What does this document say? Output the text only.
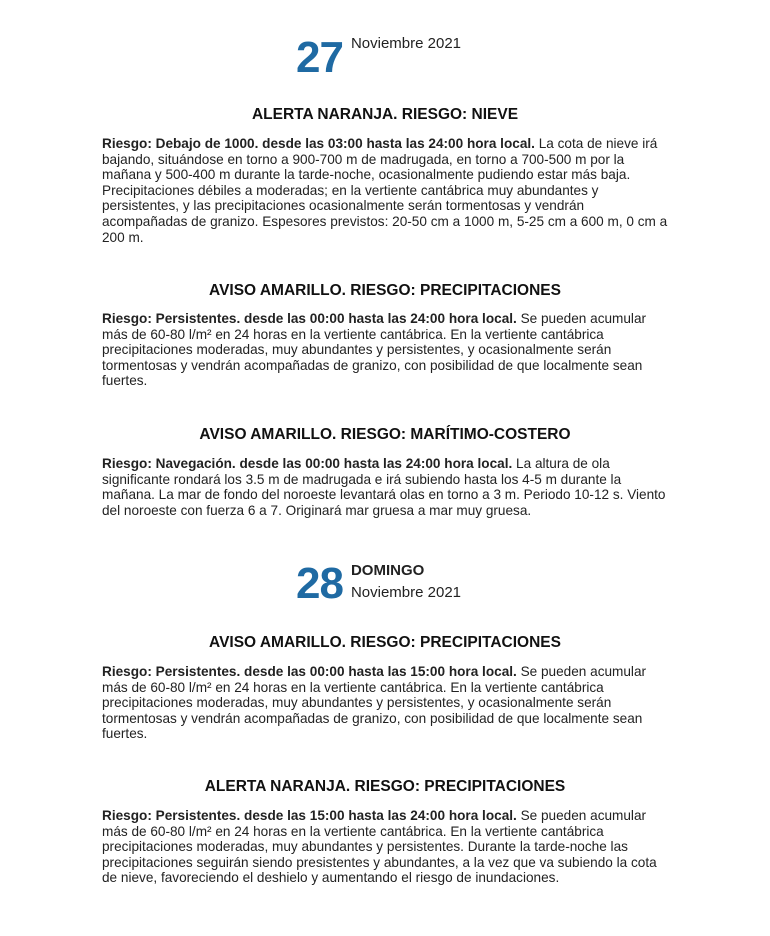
27 Noviembre 2021
ALERTA NARANJA. RIESGO: NIEVE

Riesgo: Debajo de 1000. desde las 03:00 hasta las 24:00 hora local. La cota de nieve irá bajando, situándose en torno a 900-700 m de madrugada, en torno a 700-500 m por la mañana y 500-400 m durante la tarde-noche, ocasionalmente pudiendo estar más baja. Precipitaciones débiles a moderadas; en la vertiente cantábrica muy abundantes y persistentes, y las precipitaciones ocasionalmente serán tormentosas y vendrán acompañadas de granizo. Espesores previstos: 20-50 cm a 1000 m, 5-25 cm a 600 m, 0 cm a 200 m.

AVISO AMARILLO. RIESGO: PRECIPITACIONES

Riesgo: Persistentes. desde las 00:00 hasta las 24:00 hora local. Se pueden acumular más de 60-80 l/m² en 24 horas en la vertiente cantábrica. En la vertiente cantábrica precipitaciones moderadas, muy abundantes y persistentes, y ocasionalmente serán tormentosas y vendrán acompañadas de granizo, con posibilidad de que localmente sean fuertes.

AVISO AMARILLO. RIESGO: MARÍTIMO-COSTERO

Riesgo: Navegación. desde las 00:00 hasta las 24:00 hora local. La altura de ola significante rondará los 3.5 m de madrugada e irá subiendo hasta los 4-5 m durante la mañana. La mar de fondo del noroeste levantará olas en torno a 3 m. Periodo 10-12 s. Viento del noroeste con fuerza 6 a 7. Originará mar gruesa a mar muy gruesa.

28 DOMINGO
Noviembre 2021
AVISO AMARILLO. RIESGO: PRECIPITACIONES

Riesgo: Persistentes. desde las 00:00 hasta las 15:00 hora local. Se pueden acumular más de 60-80 l/m² en 24 horas en la vertiente cantábrica. En la vertiente cantábrica precipitaciones moderadas, muy abundantes y persistentes, y ocasionalmente serán tormentosas y vendrán acompañadas de granizo, con posibilidad de que localmente sean fuertes.

ALERTA NARANJA. RIESGO: PRECIPITACIONES

Riesgo: Persistentes. desde las 15:00 hasta las 24:00 hora local. Se pueden acumular más de 60-80 l/m² en 24 horas en la vertiente cantábrica. En la vertiente cantábrica precipitaciones moderadas, muy abundantes y persistentes. Durante la tarde-noche las precipitaciones seguirán siendo presistentes y abundantes, a la vez que va subiendo la cota de nieve, favoreciendo el deshielo y aumentando el riesgo de inundaciones.
